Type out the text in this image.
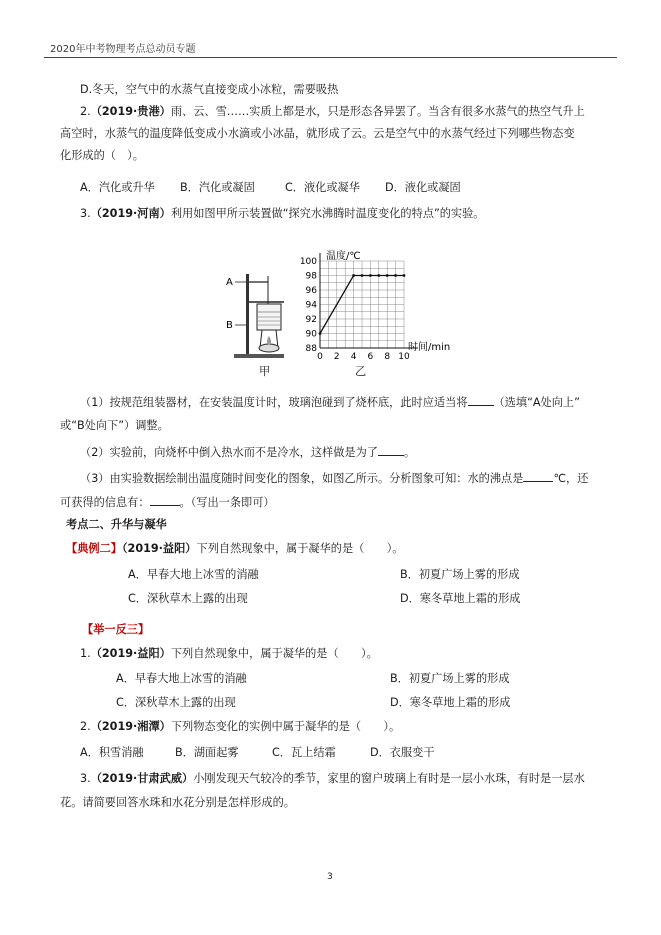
2020年中考物理考点总动员专题
D.冬天，空气中的水蒸气直接变成小冰粒，需要吸热
2.（2019·贵港）雨、云、雪……实质上都是水，只是形态各异罢了。当含有很多水蒸气的热空气升上
高空时，水蒸气的温度降低变成小水滴或小冰晶，就形成了云。云是空气中的水蒸气经过下列哪些物态变
化形成的（　）。
A．汽化或升华 B．汽化或凝固	C．液化或凝华 D．液化或凝固
3.（2019·河南）利用如图甲所示装置做“探究水沸腾时温度变化的特点”的实验。
A
B
甲
0 2 4 6 8 10
88
90
92
94
96
98
100 温度/℃
时间/min
乙
（1）按规范组装器材，在安装温度计时，玻璃泡碰到了烧杯底，此时应适当将 （选填“A处向上”
或“B处向下”）调整。
（2）实验前，向烧杯中倒入热水而不是冷水，这样做是为了 。
（3）由实验数据绘制出温度随时间变化的图象，如图乙所示。分析图象可知：水的沸点是	℃，还
可获得的信息有：	。（写出一条即可）
考点二、升华与凝华
【典例二】（2019·益阳）下列自然现象中，属于凝华的是（　　）。
A．早春大地上冰雪的消融	B．初夏广场上雾的形成
C．深秋草木上露的出现	D．寒冬草地上霜的形成
【举一反三】
1.（2019·益阳）下列自然现象中，属于凝华的是（　　）。
A．早春大地上冰雪的消融	B．初夏广场上雾的形成
C．深秋草木上露的出现	D．寒冬草地上霜的形成
2.（2019·湘潭）下列物态变化的实例中属于凝华的是（　　）。
A．积雪消融	B．湖面起雾	C．瓦上结霜	D．衣服变干
3.（2019·甘肃武威）小刚发现天气较冷的季节，家里的窗户玻璃上有时是一层小水珠，有时是一层水
花。请简要回答水珠和水花分别是怎样形成的。
3
